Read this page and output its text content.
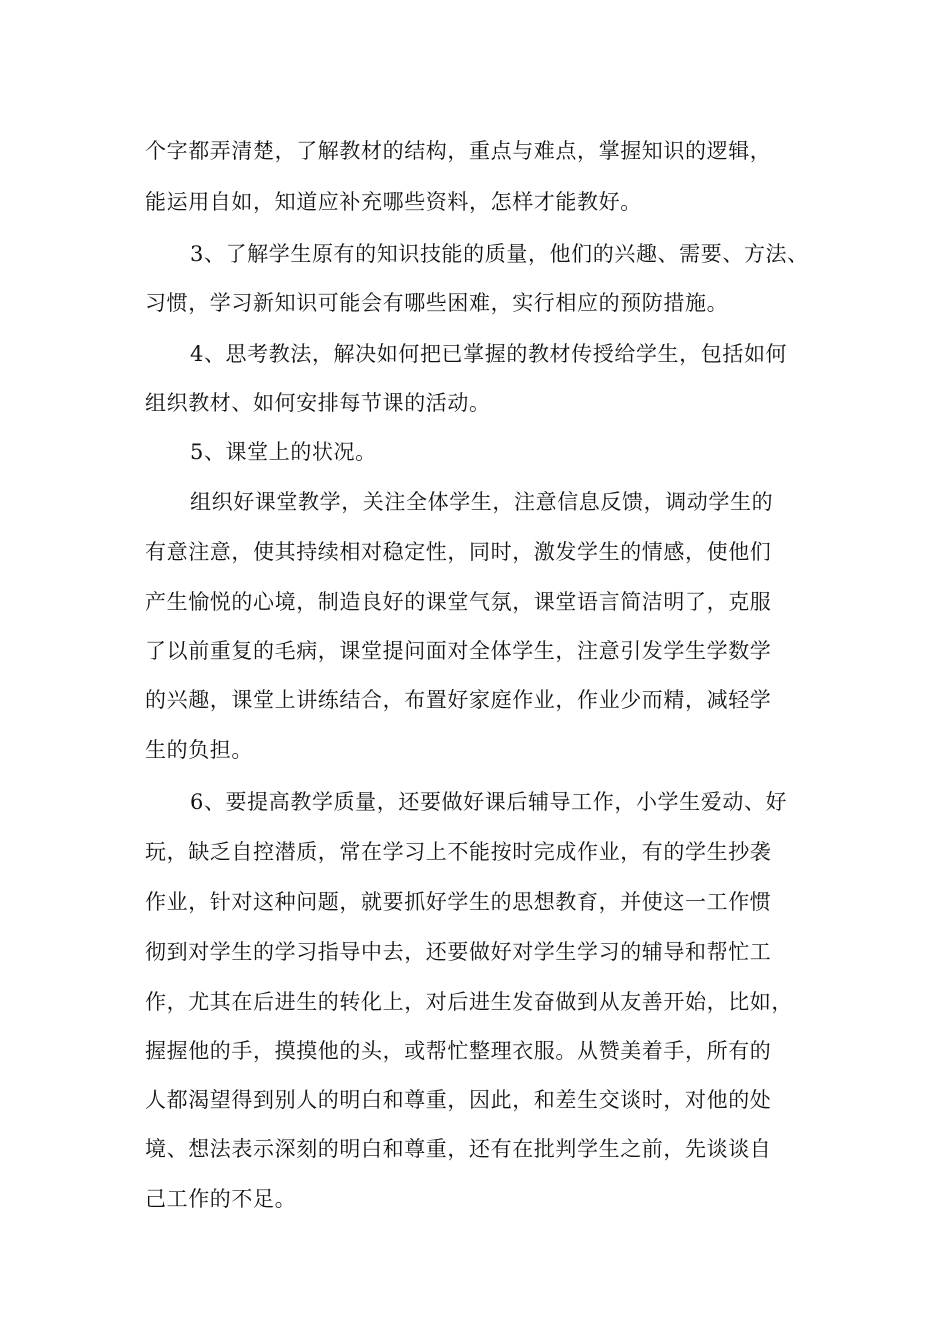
个字都弄清楚，了解教材的结构，重点与难点，掌握知识的逻辑，
能运用自如，知道应补充哪些资料，怎样才能教好。
3、了解学生原有的知识技能的质量，他们的兴趣、需要、方法、
习惯，学习新知识可能会有哪些困难，实行相应的预防措施。
4、思考教法，解决如何把已掌握的教材传授给学生，包括如何
组织教材、如何安排每节课的活动。
5、课堂上的状况。
组织好课堂教学，关注全体学生，注意信息反馈，调动学生的
有意注意，使其持续相对稳定性，同时，激发学生的情感，使他们
产生愉悦的心境，制造良好的课堂气氛，课堂语言简洁明了，克服
了以前重复的毛病，课堂提问面对全体学生，注意引发学生学数学
的兴趣，课堂上讲练结合，布置好家庭作业，作业少而精，减轻学
生的负担。
6、要提高教学质量，还要做好课后辅导工作，小学生爱动、好
玩，缺乏自控潜质，常在学习上不能按时完成作业，有的学生抄袭
作业，针对这种问题，就要抓好学生的思想教育，并使这一工作惯
彻到对学生的学习指导中去，还要做好对学生学习的辅导和帮忙工
作，尤其在后进生的转化上，对后进生发奋做到从友善开始，比如，
握握他的手，摸摸他的头，或帮忙整理衣服。从赞美着手，所有的
人都渴望得到别人的明白和尊重，因此，和差生交谈时，对他的处
境、想法表示深刻的明白和尊重，还有在批判学生之前，先谈谈自
己工作的不足。
